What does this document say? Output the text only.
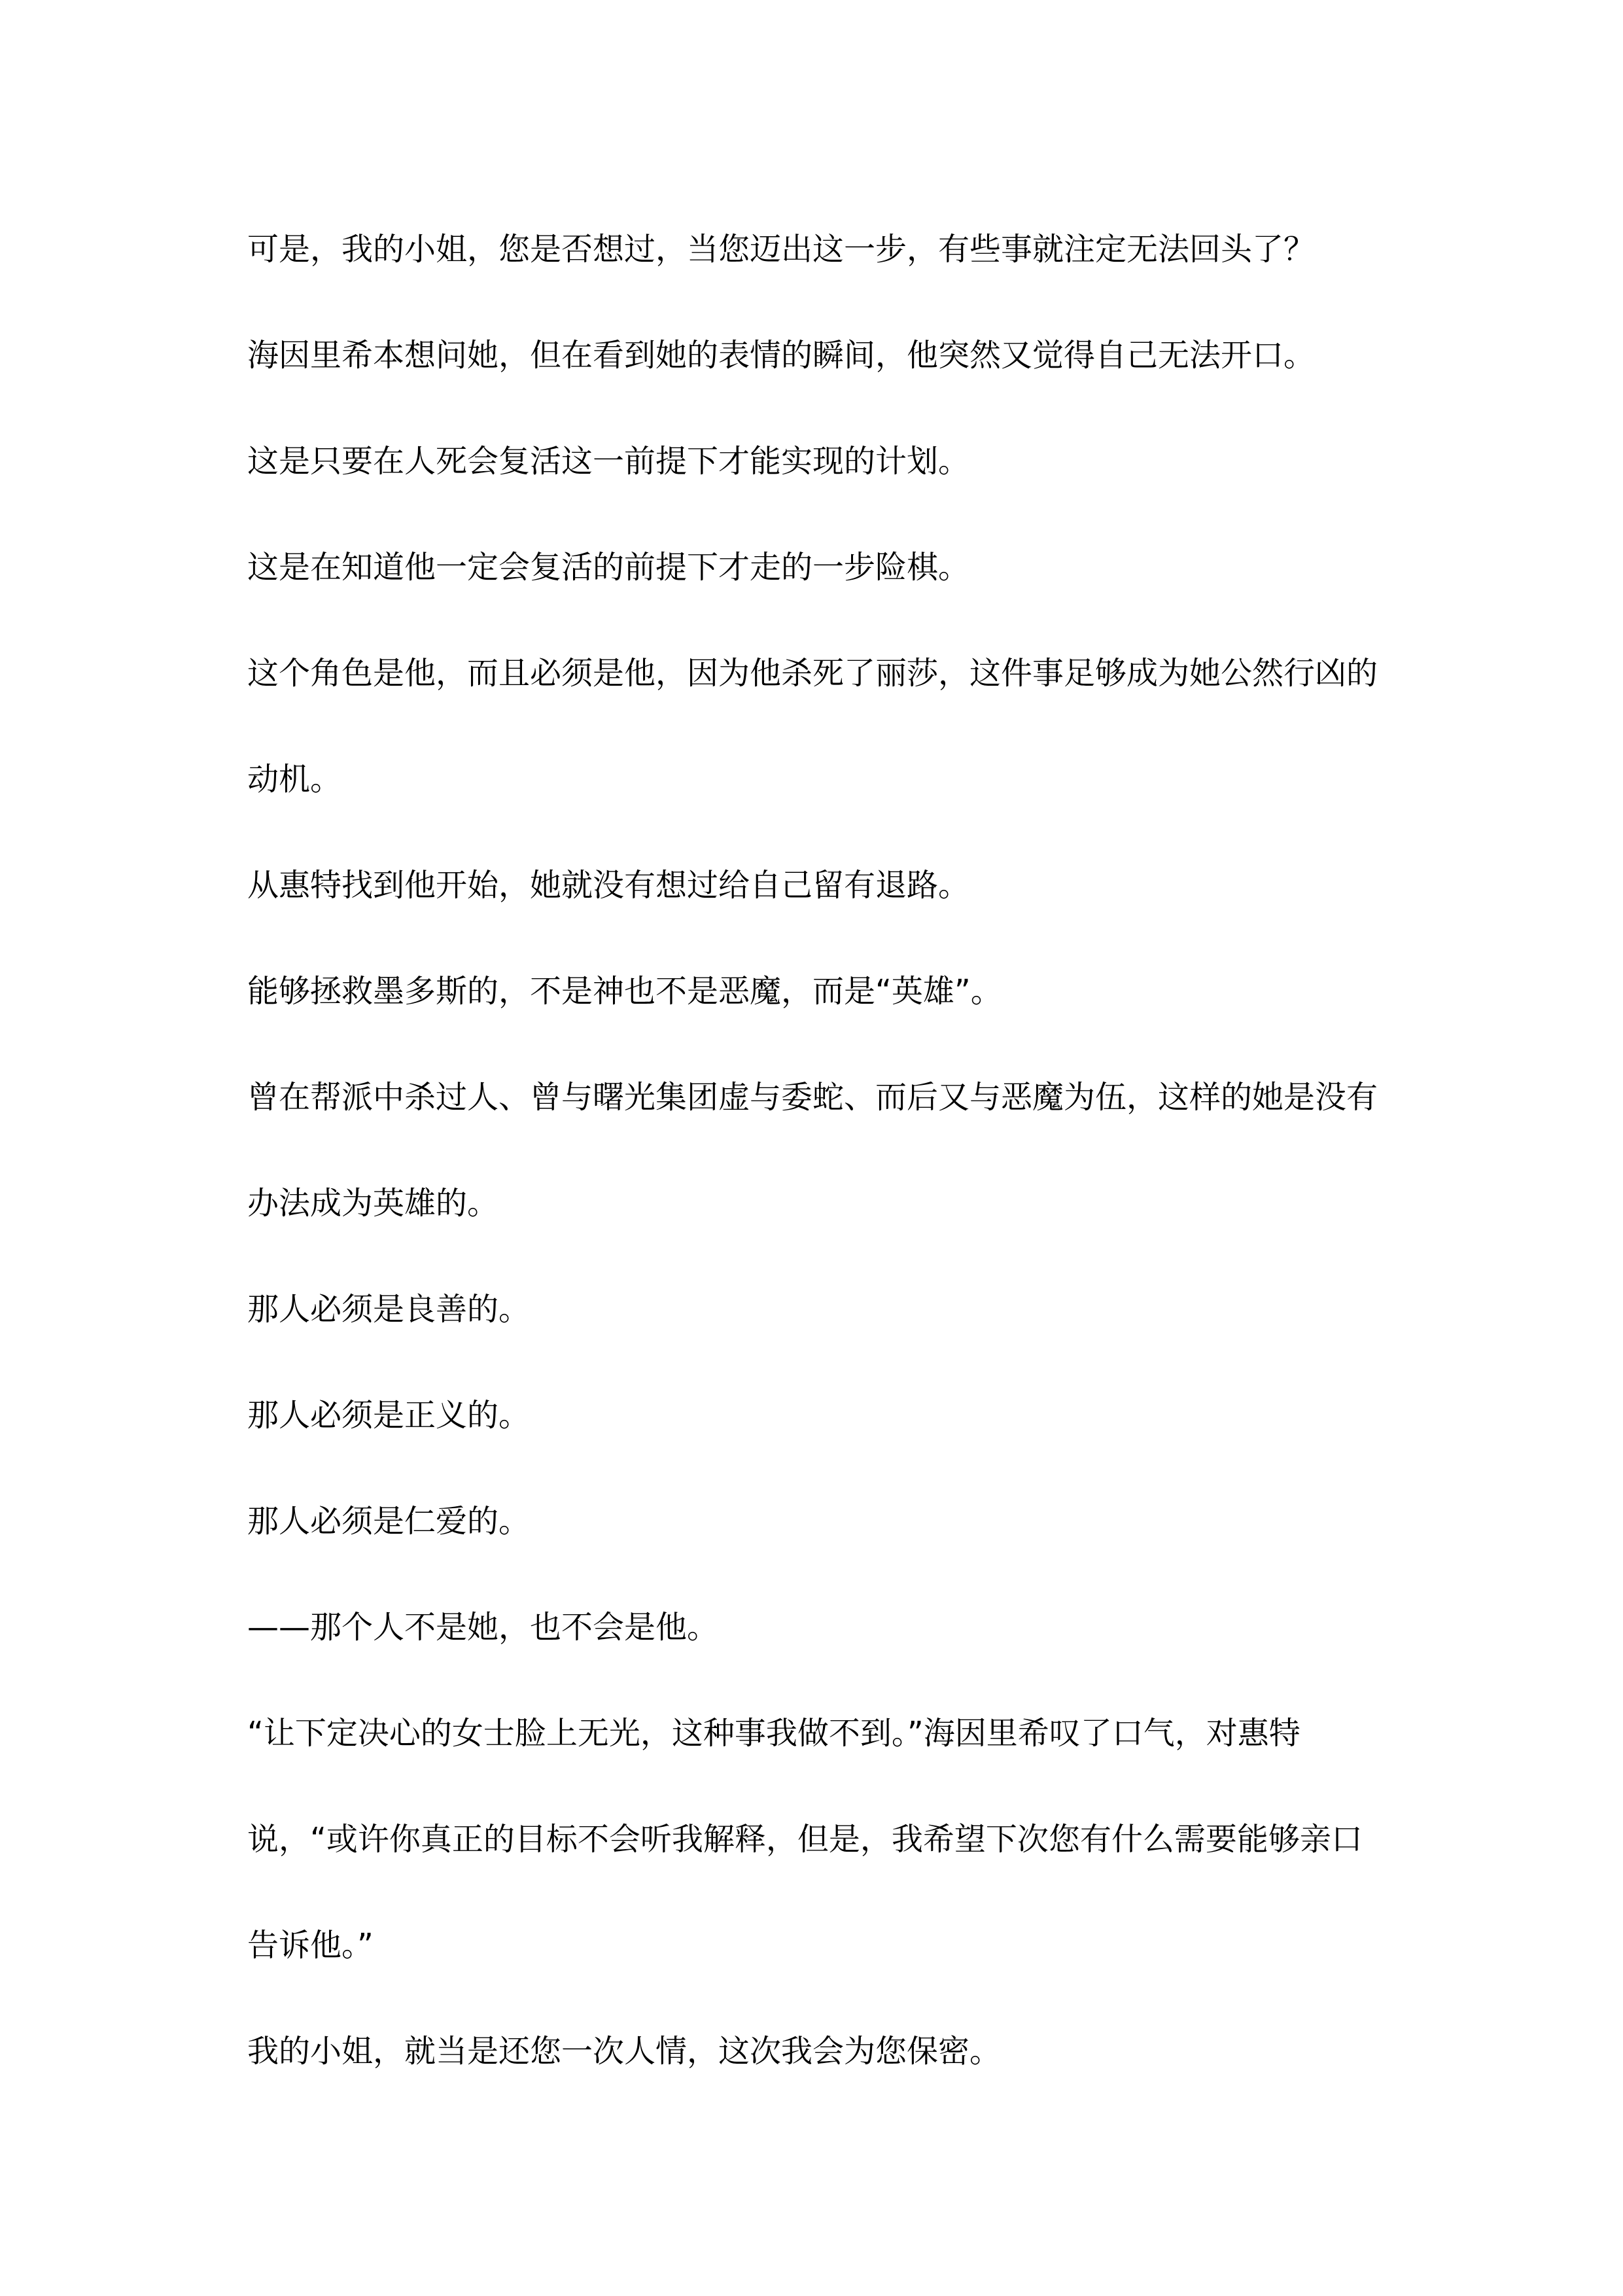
可是，我的小姐，您是否想过，当您迈出这一步，有些事就注定无法回头了？

海因里希本想问她，但在看到她的表情的瞬间，他突然又觉得自己无法开口。

这是只要在人死会复活这一前提下才能实现的计划。

这是在知道他一定会复活的前提下才走的一步险棋。

这个角色是他，而且必须是他，因为他杀死了丽莎，这件事足够成为她公然行凶的动机。

从惠特找到他开始，她就没有想过给自己留有退路。

能够拯救墨多斯的，不是神也不是恶魔，而是“英雄”。

曾在帮派中杀过人、曾与曙光集团虚与委蛇、而后又与恶魔为伍，这样的她是没有办法成为英雄的。

那人必须是良善的。

那人必须是正义的。

那人必须是仁爱的。

——那个人不是她，也不会是他。

“让下定决心的女士脸上无光，这种事我做不到。”海因里希叹了口气，对惠特说，“或许你真正的目标不会听我解释，但是，我希望下次您有什么需要能够亲口告诉他。”

我的小姐，就当是还您一次人情，这次我会为您保密。
